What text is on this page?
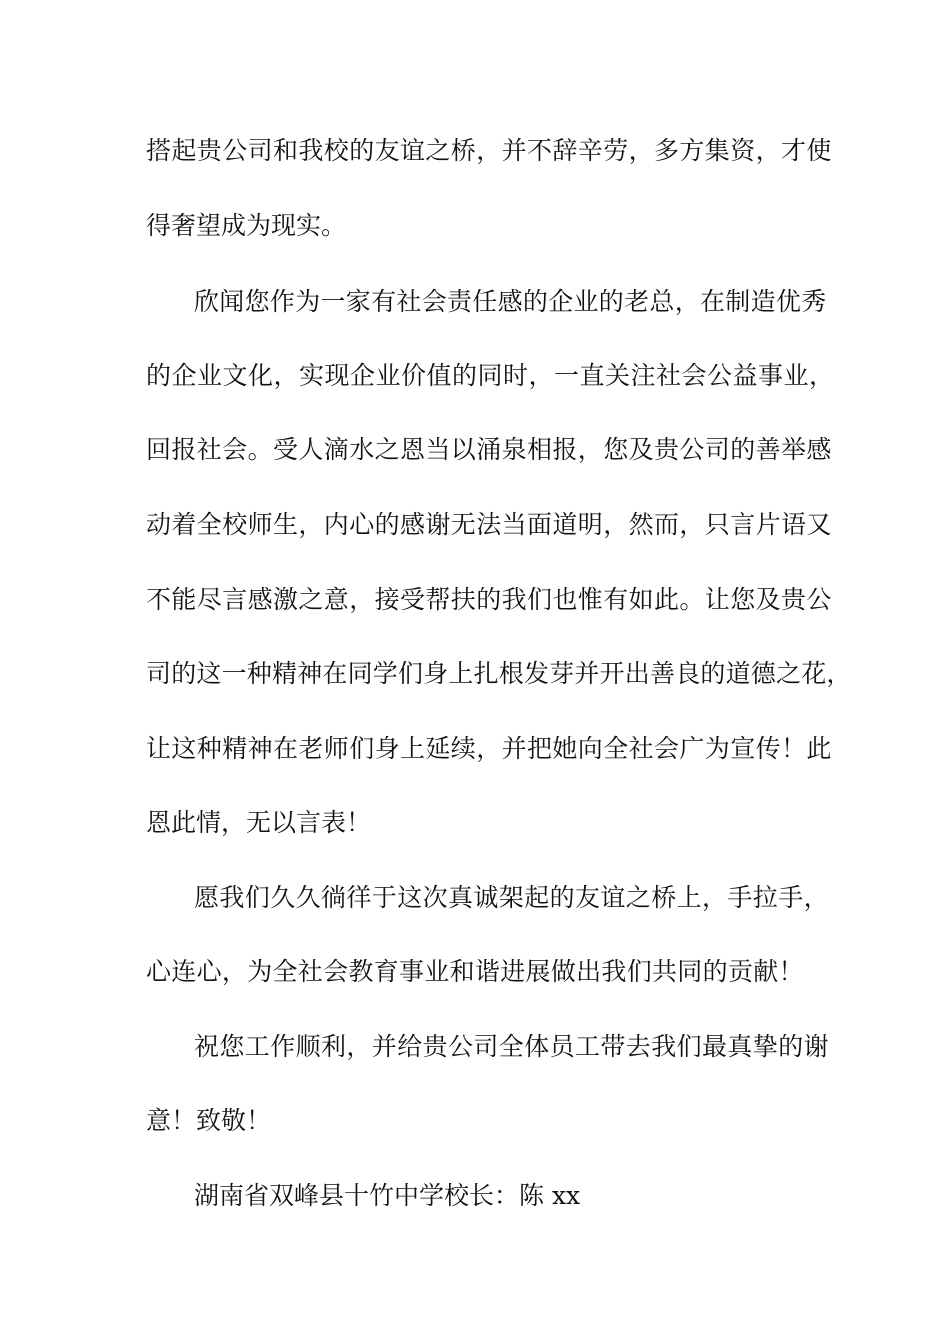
搭起贵公司和我校的友谊之桥，并不辞辛劳，多方集资，才使
得奢望成为现实。
欣闻您作为一家有社会责任感的企业的老总，在制造优秀
的企业文化，实现企业价值的同时，一直关注社会公益事业，
回报社会。受人滴水之恩当以涌泉相报，您及贵公司的善举感
动着全校师生，内心的感谢无法当面道明，然而，只言片语又
不能尽言感激之意，接受帮扶的我们也惟有如此。让您及贵公
司的这一种精神在同学们身上扎根发芽并开出善良的道德之花，
让这种精神在老师们身上延续，并把她向全社会广为宣传！此
恩此情，无以言表！
愿我们久久徜徉于这次真诚架起的友谊之桥上，手拉手，
心连心，为全社会教育事业和谐进展做出我们共同的贡献！
祝您工作顺利，并给贵公司全体员工带去我们最真挚的谢
意！致敬！
湖南省双峰县十竹中学校长：陈 xx
